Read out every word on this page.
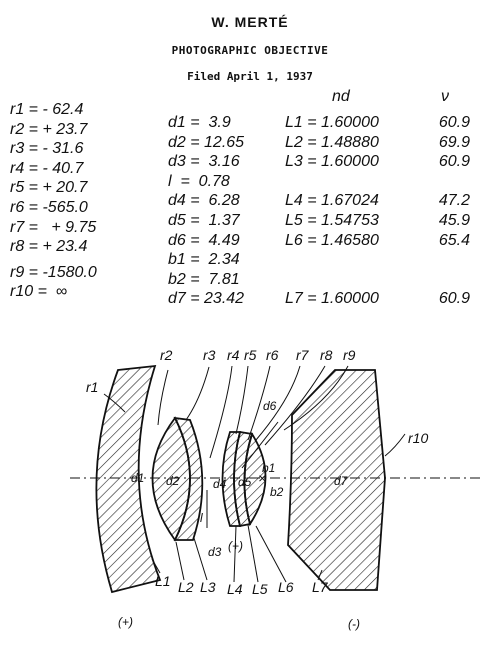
W. MERTÉ
PHOTOGRAPHIC OBJECTIVE
Filed April 1, 1937
nd	ν
r1 = - 62.4
r2 = + 23.7
r3 = - 31.6
r4 = - 40.7
r5 = + 20.7
r6 = -565.0
r7 =   + 9.75
r8 = + 23.4
r9 = -1580.0
r10 =  ∞
d1 =  3.9
d2 = 12.65
d3 =  3.16
l  =  0.78
d4 =  6.28
d5 =  1.37
d6 =  4.49
b1 =  2.34
b2 =  7.81
d7 = 23.42
L1 = 1.60000
L2 = 1.48880
L3 = 1.60000
L4 = 1.67024
L5 = 1.54753
L6 = 1.46580
L7 = 1.60000
60.9
69.9
60.9
47.2
45.9
65.4
60.9
r1
r2 r3 r4 r5 r6 r7 r8 r9
r10
L1 L2 L3 L4 L5 L6 L7
d1 d2
d3
d4 d5
d6
d7
l
b1
b2
(+)
(+)
(-)
×
